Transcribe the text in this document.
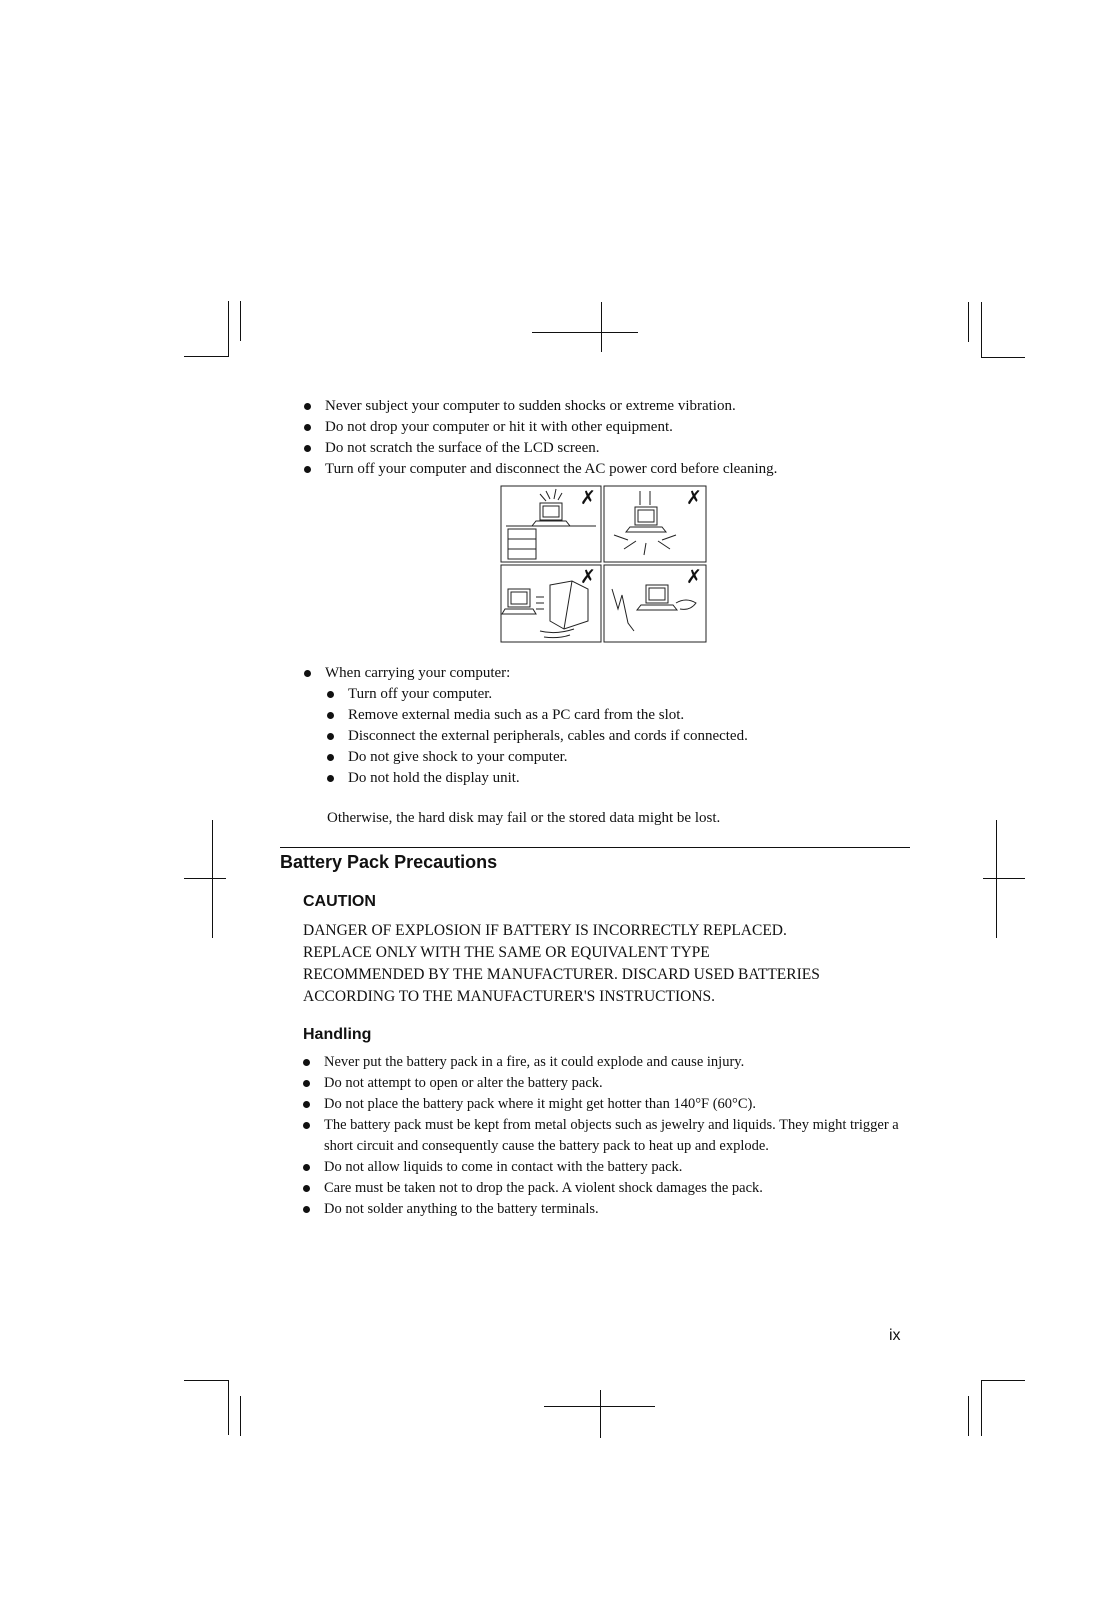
Never subject your computer to sudden shocks or extreme vibration.
Do not drop your computer or hit it with other equipment.
Do not scratch the surface of the LCD screen.
Turn off your computer and disconnect the AC power cord before cleaning.
✗	✗
✗	✗
When carrying your computer:
Turn off your computer.
Remove external media such as a PC card from the slot.
Disconnect the external peripherals, cables and cords if connected.
Do not give shock to your computer.
Do not hold the display unit.
Otherwise, the hard disk may fail or the stored data might be lost.
Battery Pack Precautions
CAUTION
DANGER OF EXPLOSION IF BATTERY IS INCORRECTLY REPLACED.
REPLACE ONLY WITH THE SAME OR EQUIVALENT TYPE
RECOMMENDED BY THE MANUFACTURER. DISCARD USED BATTERIES
ACCORDING TO THE MANUFACTURER'S INSTRUCTIONS.
Handling
Never put the battery pack in a fire, as it could explode and cause injury.
Do not attempt to open or alter the battery pack.
Do not place the battery pack where it might get hotter than 140°F (60°C).
The battery pack must be kept from metal objects such as jewelry and liquids. They might trigger a short circuit and consequently cause the battery pack to heat up and explode.
Do not allow liquids to come in contact with the battery pack.
Care must be taken not to drop the pack. A violent shock damages the pack.
Do not solder anything to the battery terminals.
ix
